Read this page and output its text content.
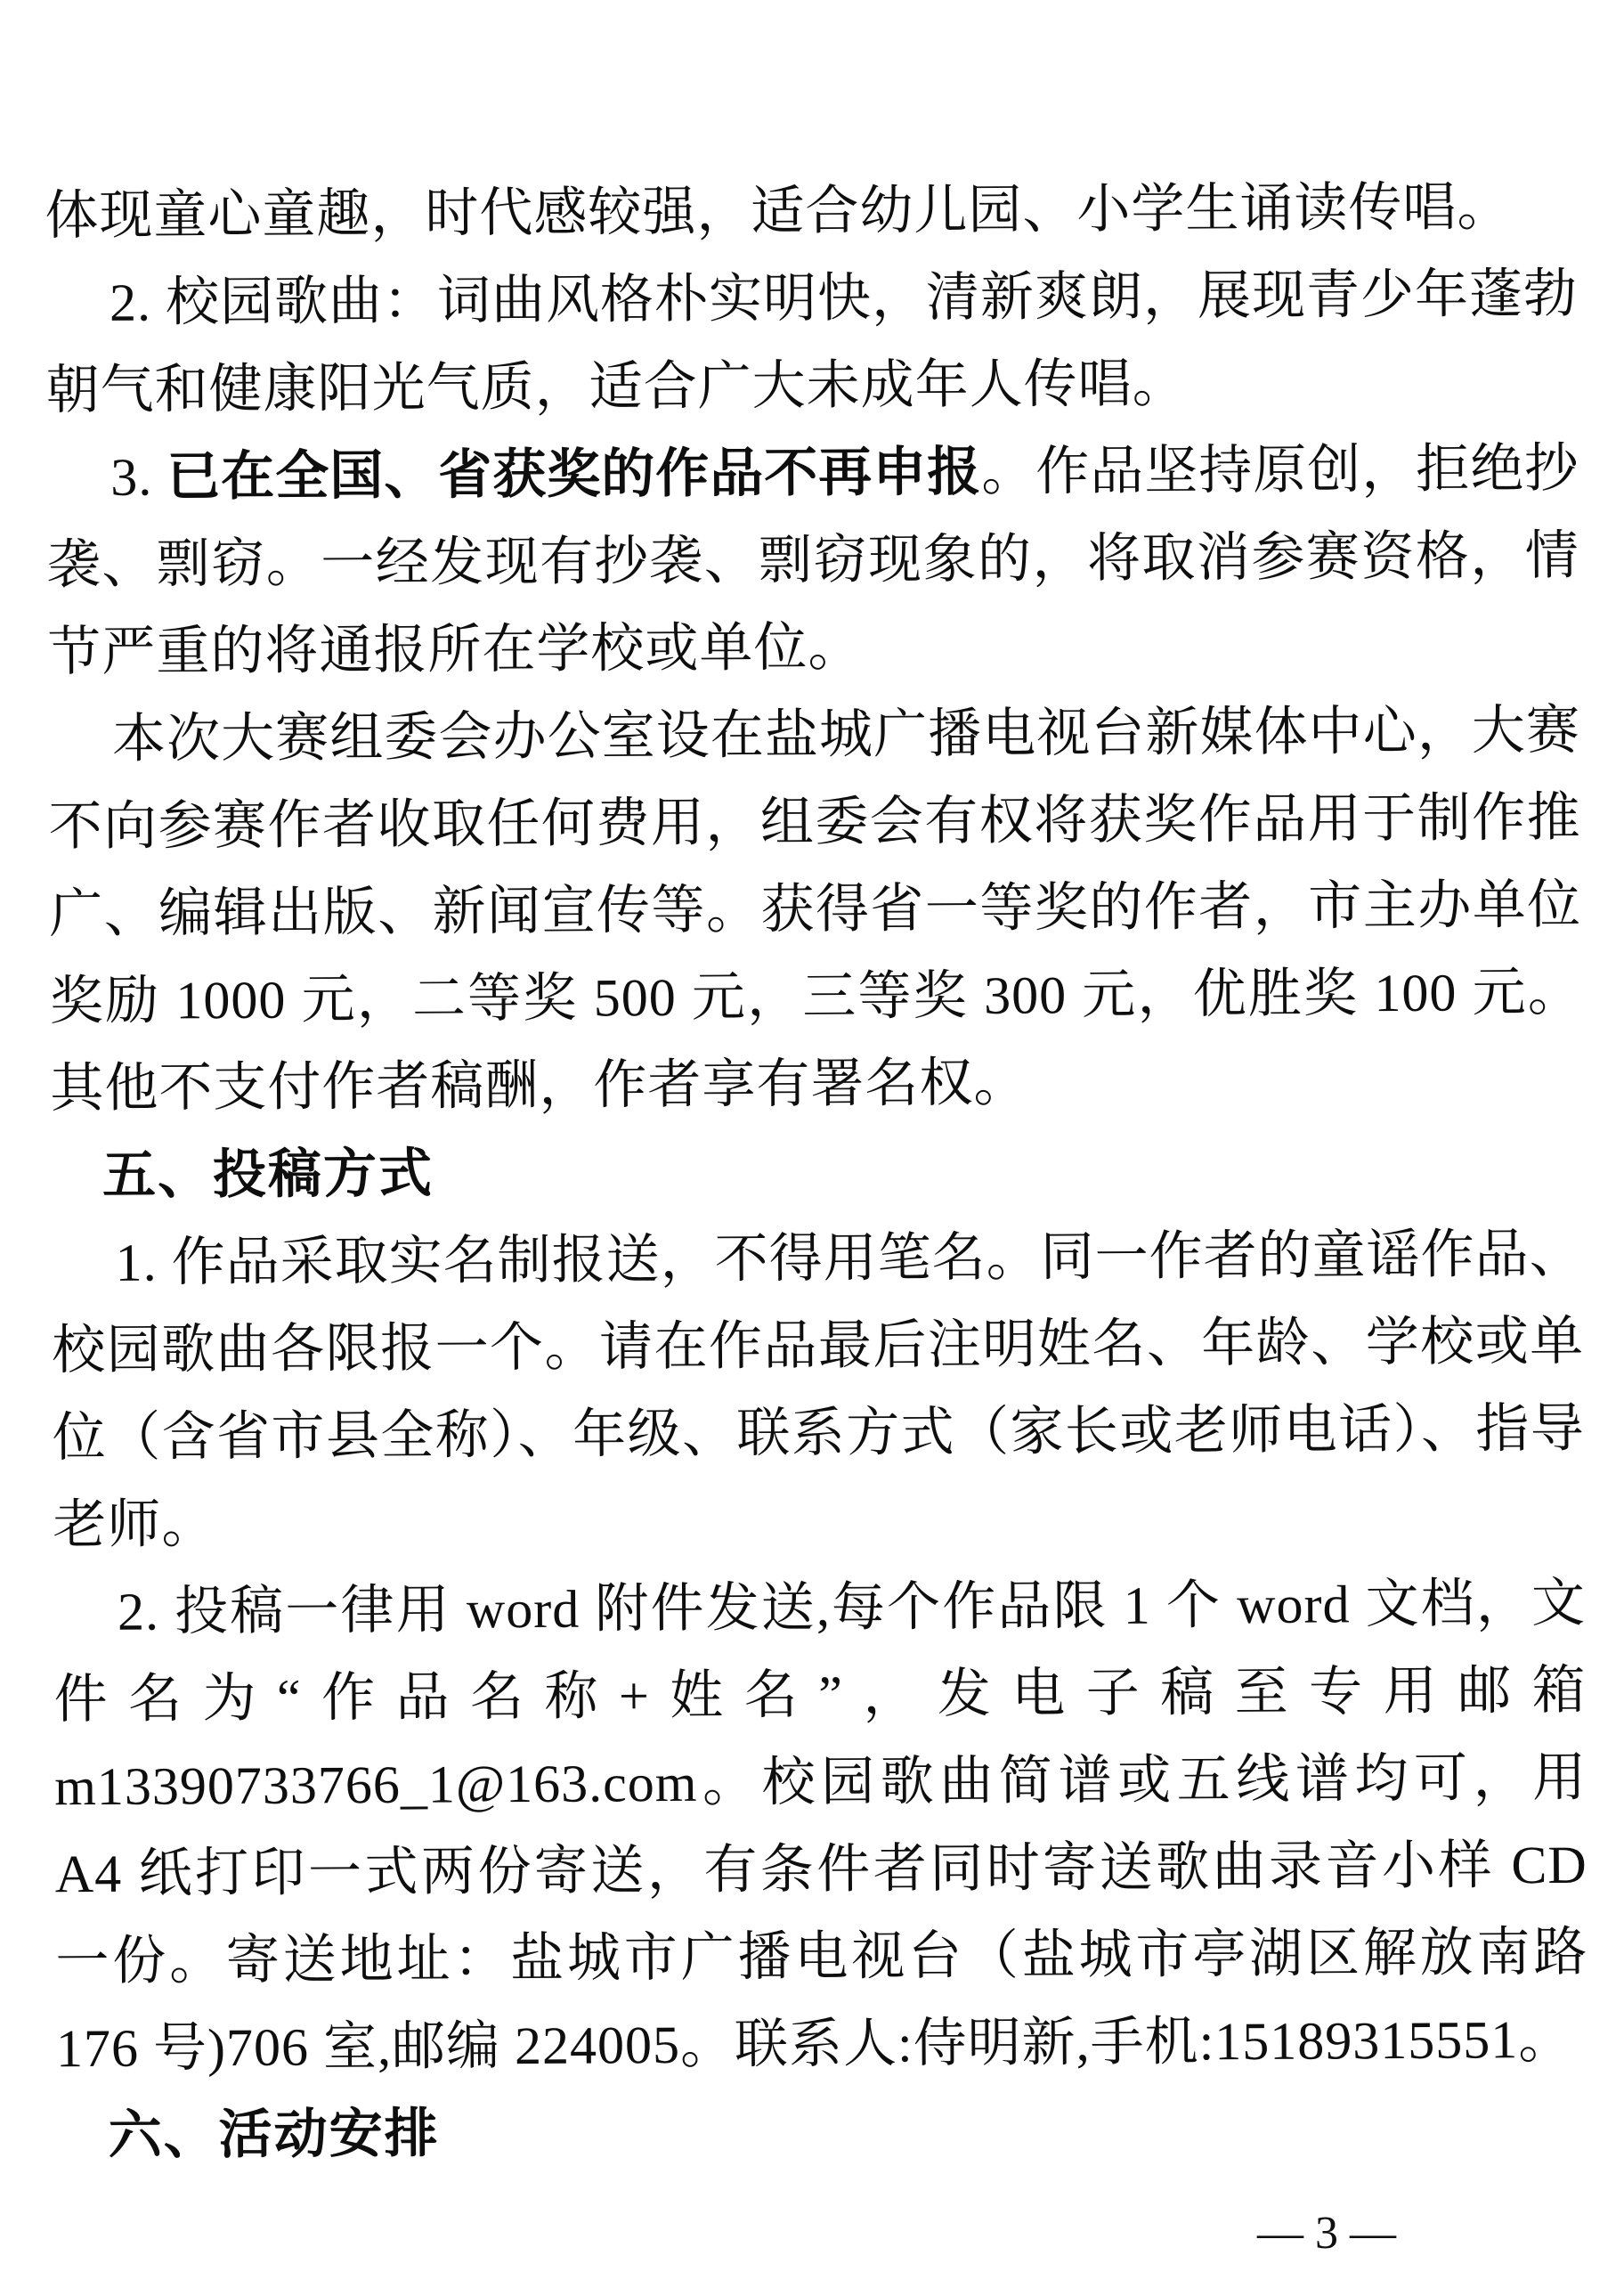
体现童心童趣，时代感较强，适合幼儿园、小学生诵读传唱。

2. 校园歌曲：词曲风格朴实明快，清新爽朗，展现青少年蓬勃朝气和健康阳光气质，适合广大未成年人传唱。

3. 已在全国、省获奖的作品不再申报。作品坚持原创，拒绝抄袭、剽窃。一经发现有抄袭、剽窃现象的，将取消参赛资格，情节严重的将通报所在学校或单位。

本次大赛组委会办公室设在盐城广播电视台新媒体中心，大赛不向参赛作者收取任何费用，组委会有权将获奖作品用于制作推广、编辑出版、新闻宣传等。获得省一等奖的作者，市主办单位奖励 1000 元，二等奖 500 元，三等奖 300 元，优胜奖 100 元。其他不支付作者稿酬，作者享有署名权。

五、投稿方式

1. 作品采取实名制报送，不得用笔名。同一作者的童谣作品、校园歌曲各限报一个。请在作品最后注明姓名、年龄、学校或单位（含省市县全称）、年级、联系方式（家长或老师电话）、指导老师。

2. 投稿一律用 word 附件发送,每个作品限 1 个 word 文档，文件名为“作品名称+姓名”，发电子稿至专用邮箱 m13390733766_1@163.com。校园歌曲简谱或五线谱均可，用 A4 纸打印一式两份寄送，有条件者同时寄送歌曲录音小样 CD 一份。寄送地址：盐城市广播电视台（盐城市亭湖区解放南路 176 号)706 室,邮编 224005。联系人:侍明新,手机:15189315551。

六、活动安排
— 3 —
